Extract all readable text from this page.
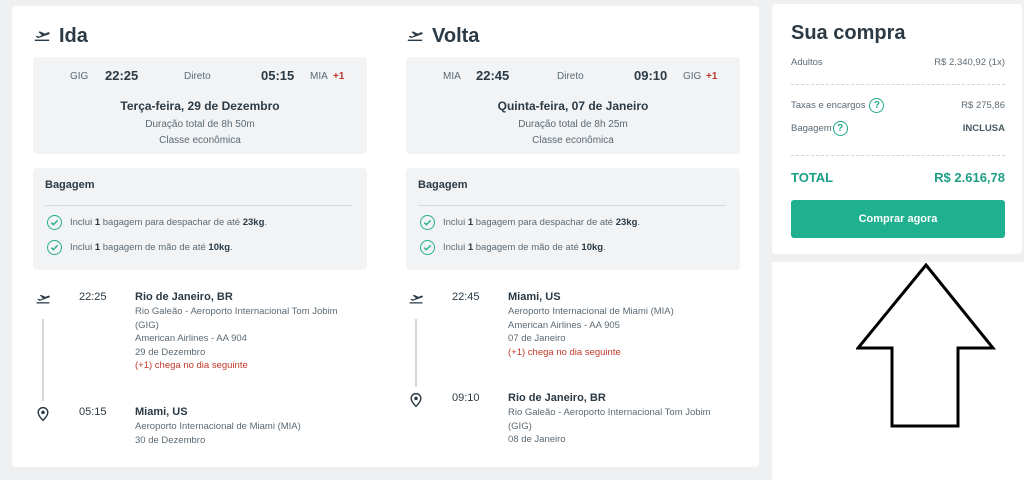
Ida
GIG 22:25	Direto	05:15 MIA +1
Terça-feira, 29 de Dezembro
Duração total de 8h 50m
Classe econômica
Bagagem
Inclui 1 bagagem para despachar de até 23kg.
Inclui 1 bagagem de mão de até 10kg.
22:25	Rio de Janeiro, BR
Rio Galeão - Aeroporto Internacional Tom Jobim (GIG)
American Airlines - AA 904
29 de Dezembro
(+1) chega no dia seguinte
05:15	Miami, US
Aeroporto Internacional de Miami (MIA)
30 de Dezembro
Volta
MIA 22:45	Direto	09:10 GIG +1
Quinta-feira, 07 de Janeiro
Duração total de 8h 25m
Classe econômica
Bagagem
Inclui 1 bagagem para despachar de até 23kg.
Inclui 1 bagagem de mão de até 10kg.
22:45	Miami, US
Aeroporto Internacional de Miami (MIA)
American Airlines - AA 905
07 de Janeiro
(+1) chega no dia seguinte
09:10	Rio de Janeiro, BR
Rio Galeão - Aeroporto Internacional Tom Jobim (GIG)
08 de Janeiro
Sua compra
Adultos	R$ 2.340,92 (1x)
Taxas e encargos ?	R$ 275,86
Bagagem ?	INCLUSA
TOTAL	R$ 2.616,78
Comprar agora
